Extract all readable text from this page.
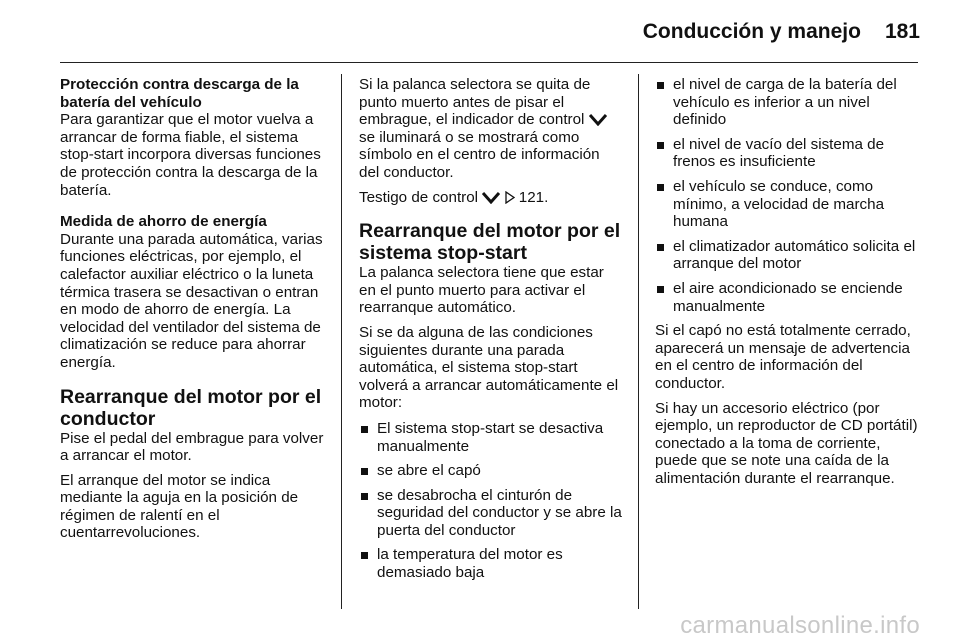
Conducción y manejo 181

Protección contra descarga de la batería del vehículo

Para garantizar que el motor vuelva a arrancar de forma fiable, el sistema stop-start incorpora diversas funciones de protección contra la descarga de la batería.

Medida de ahorro de energía

Durante una parada automática, varias funciones eléctricas, por ejemplo, el calefactor auxiliar eléctrico o la luneta térmica trasera se desactivan o entran en modo de ahorro de energía. La velocidad del ventilador del sistema de climatización se reduce para ahorrar energía.

Rearranque del motor por el conductor

Pise el pedal del embrague para volver a arrancar el motor.

El arranque del motor se indica mediante la aguja en la posición de régimen de ralentí en el cuentarrevoluciones.

Si la palanca selectora se quita de punto muerto antes de pisar el embrague, el indicador de control  se iluminará o se mostrará como símbolo en el centro de información del conductor.

Testigo de control	121.

Rearranque del motor por el sistema stop-start

La palanca selectora tiene que estar en el punto muerto para activar el rearranque automático.

Si se da alguna de las condiciones siguientes durante una parada automática, el sistema stop-start volverá a arrancar automáticamente el motor:

El sistema stop-start se desactiva manualmente
se abre el capó
se desabrocha el cinturón de seguridad del conductor y se abre la puerta del conductor
la temperatura del motor es demasiado baja
el nivel de carga de la batería del vehículo es inferior a un nivel definido
el nivel de vacío del sistema de frenos es insuficiente
el vehículo se conduce, como mínimo, a velocidad de marcha humana
el climatizador automático solicita el arranque del motor
el aire acondicionado se enciende manualmente

Si el capó no está totalmente cerrado, aparecerá un mensaje de advertencia en el centro de información del conductor.

Si hay un accesorio eléctrico (por ejemplo, un reproductor de CD portátil) conectado a la toma de corriente, puede que se note una caída de la alimentación durante el rearranque.

carmanualsonline.info
